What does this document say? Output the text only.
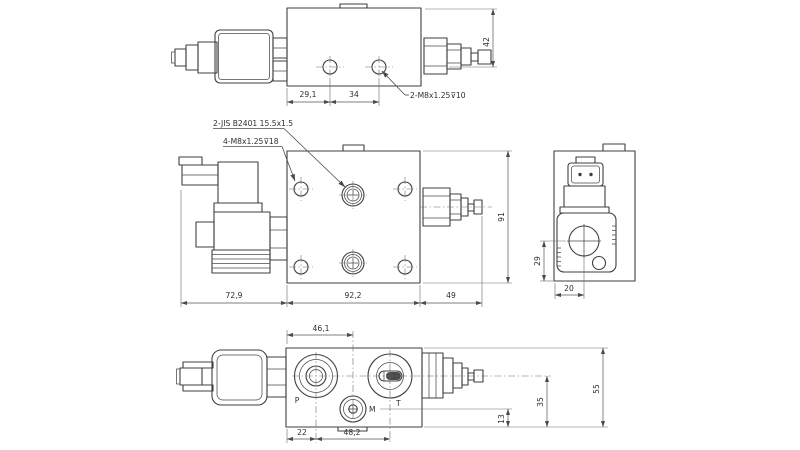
29,1	34
42
2-M8x1.25⊽10
2-JIS B2401 15.5x1.5
4-M8x1.25⊽18
72,9	92,2	49
91
29
20
P
M
T
46,1
22	48,2
13
35
55
